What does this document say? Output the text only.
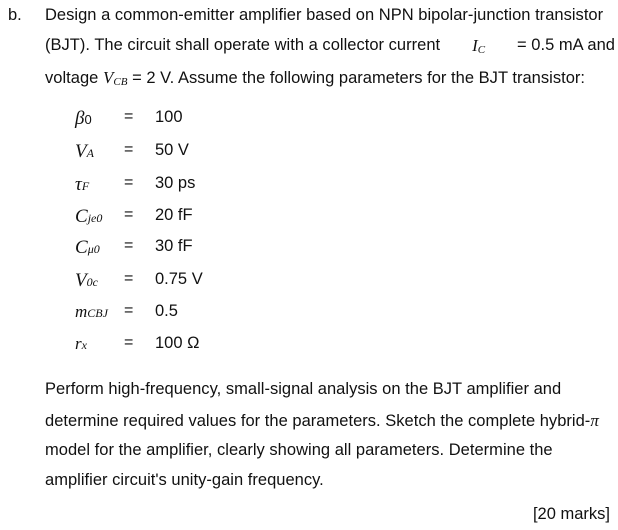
b. Design a common-emitter amplifier based on NPN bipolar-junction transistor
(BJT). The circuit shall operate with a collector current IC = 0.5 mA and
voltage VCB = 2 V. Assume the following parameters for the BJT transistor:
β0 = 100
VA = 50 V
τF = 30 ps
Cje0 = 20 fF
Cμ0 = 30 fF
V0c = 0.75 V
mCBJ = 0.5
rx = 100 Ω
Perform high-frequency, small-signal analysis on the BJT amplifier and
determine required values for the parameters. Sketch the complete hybrid-π
model for the amplifier, clearly showing all parameters. Determine the
amplifier circuit's unity-gain frequency.
[20 marks]
